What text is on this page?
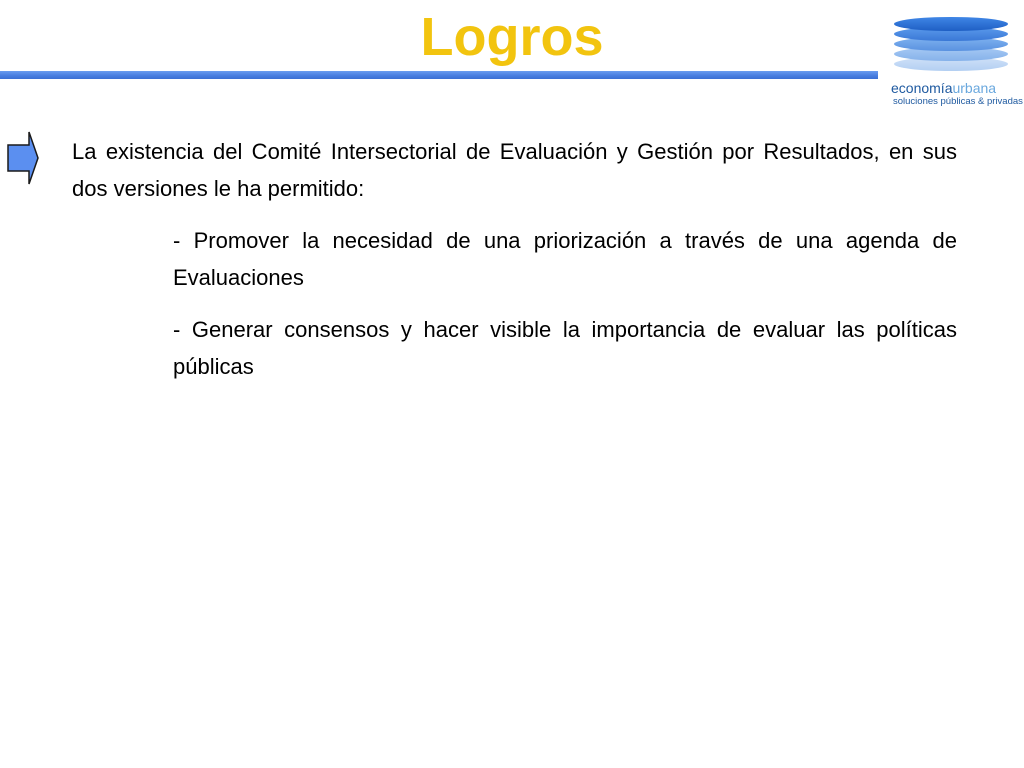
Logros
economíaurbana
soluciones públicas & privadas

La existencia del Comité Intersectorial de Evaluación y Gestión por Resultados, en sus dos versiones le ha permitido:

- Promover la necesidad de una priorización a través de una agenda de Evaluaciones

- Generar consensos y hacer visible la importancia de evaluar las políticas públicas
